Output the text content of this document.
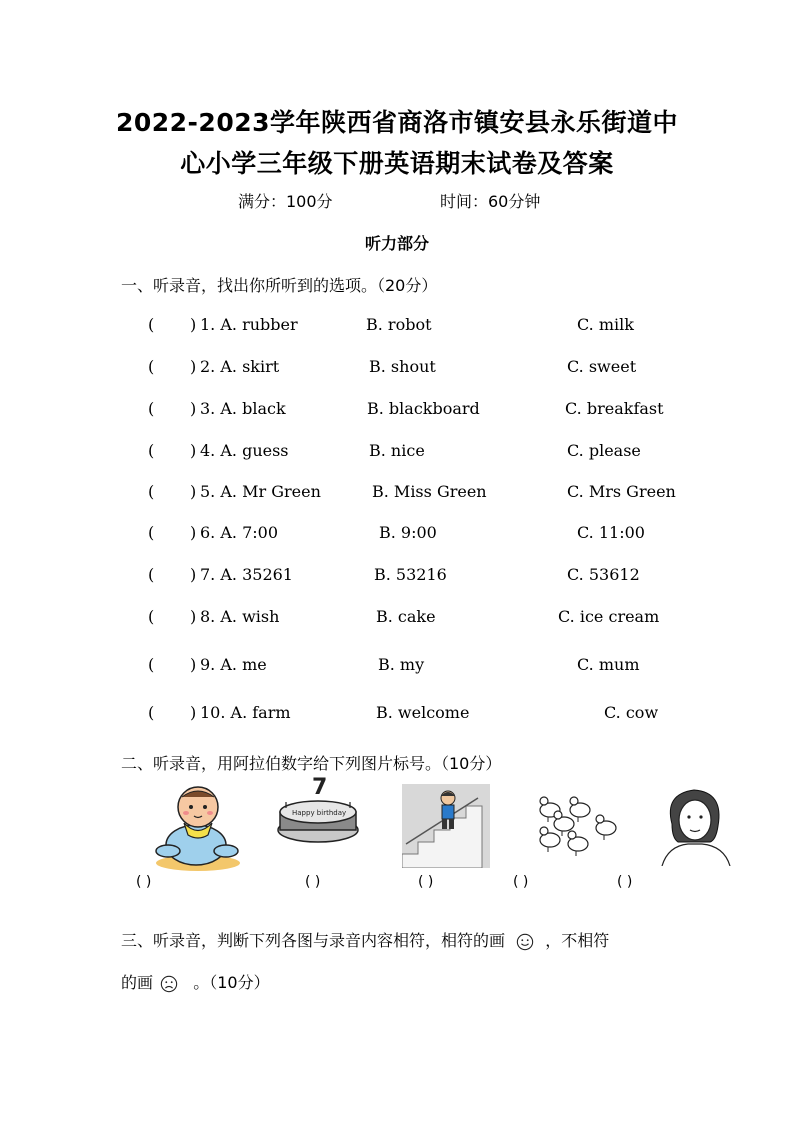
2022-2023学年陕西省商洛市镇安县永乐街道中
心小学三年级下册英语期末试卷及答案
满分：100分	时间：60分钟
听力部分
一、听录音，找出你所听到的选项。（20分）
( ) 1. A. rubber	B. robot	C. milk
( ) 2. A. skirt	B. shout	C. sweet
( ) 3. A. black	B. blackboard	C. breakfast
( ) 4. A. guess	B. nice	C. please
( ) 5. A. Mr Green	B. Miss Green	C. Mrs Green
( ) 6. A. 7:00	B. 9:00	C. 11:00
( ) 7. A. 35261	B. 53216	C. 53612
( ) 8. A. wish	B. cake	C. ice cream
( ) 9. A. me	B. my	C. mum
( ) 10. A. farm	B. welcome	C. cow
二、听录音，用阿拉伯数字给下列图片标号。（10分）
7
Happy birthday
( )	( )	( )	( )	( )
三、听录音，判断下列各图与录音内容相符，相符的画	，不相符
的画	。（10分）
